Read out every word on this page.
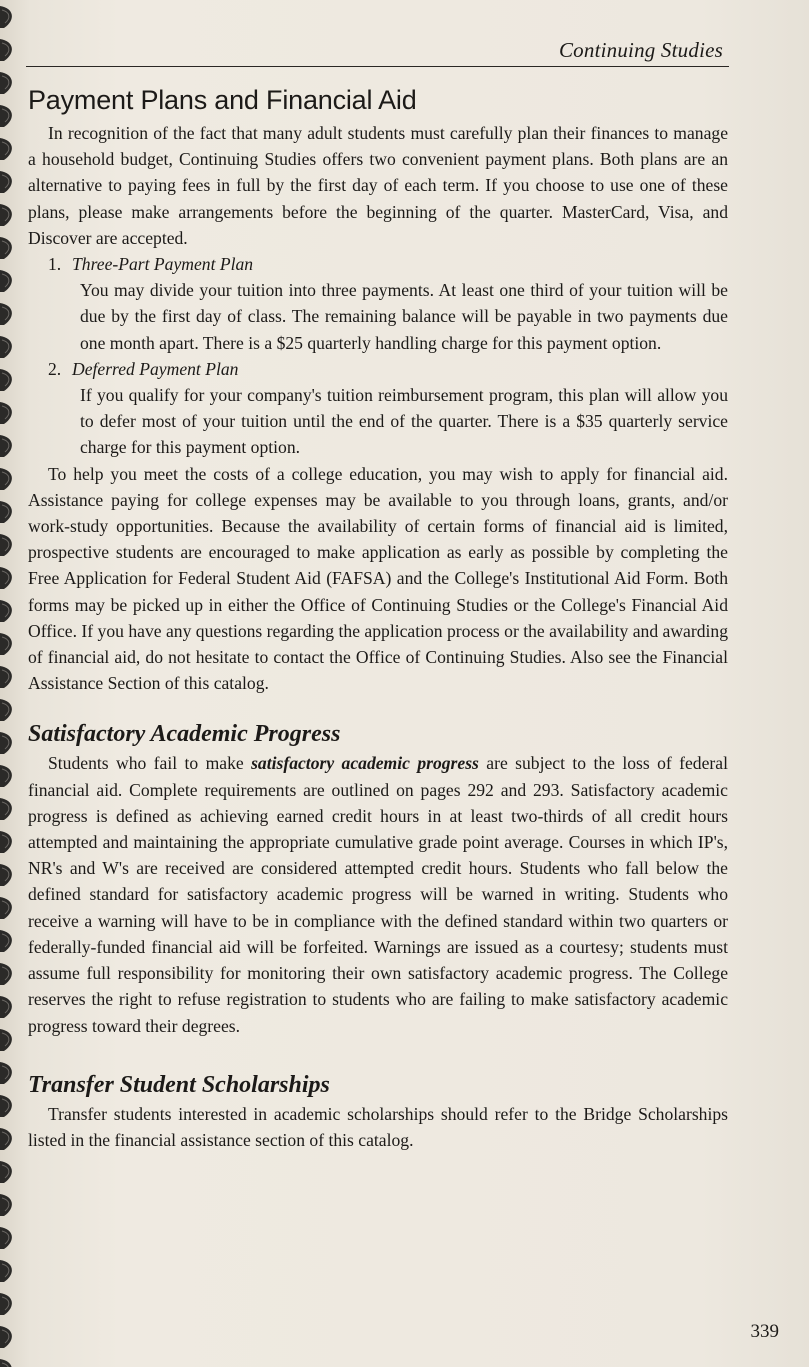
Continuing Studies
Payment Plans and Financial Aid

In recognition of the fact that many adult students must carefully plan their finances to manage a household budget, Continuing Studies offers two convenient payment plans. Both plans are an alternative to paying fees in full by the first day of each term. If you choose to use one of these plans, please make arrangements before the beginning of the quarter. MasterCard, Visa, and Discover are accepted.

1. Three-Part Payment Plan

You may divide your tuition into three payments. At least one third of your tuition will be due by the first day of class. The remaining balance will be payable in two payments due one month apart. There is a $25 quarterly handling charge for this payment option.

2. Deferred Payment Plan

If you qualify for your company's tuition reimbursement program, this plan will allow you to defer most of your tuition until the end of the quarter. There is a $35 quarterly service charge for this payment option.

To help you meet the costs of a college education, you may wish to apply for financial aid. Assistance paying for college expenses may be available to you through loans, grants, and/or work-study opportunities. Because the availability of certain forms of financial aid is limited, prospective students are encouraged to make application as early as possible by completing the Free Application for Federal Student Aid (FAFSA) and the College's Institutional Aid Form. Both forms may be picked up in either the Office of Continuing Studies or the College's Financial Aid Office. If you have any questions regarding the application process or the availability and awarding of financial aid, do not hesitate to contact the Office of Continuing Studies. Also see the Financial Assistance Section of this catalog.

Satisfactory Academic Progress

Students who fail to make satisfactory academic progress are subject to the loss of federal financial aid. Complete requirements are outlined on pages 292 and 293. Satisfactory academic progress is defined as achieving earned credit hours in at least two-thirds of all credit hours attempted and maintaining the appropriate cumulative grade point average. Courses in which IP's, NR's and W's are received are considered attempted credit hours. Students who fall below the defined standard for satisfactory academic progress will be warned in writing. Students who receive a warning will have to be in compliance with the defined standard within two quarters or federally-funded financial aid will be forfeited. Warnings are issued as a courtesy; students must assume full responsibility for monitoring their own satisfactory academic progress. The College reserves the right to refuse registration to students who are failing to make satisfactory academic progress toward their degrees.

Transfer Student Scholarships

Transfer students interested in academic scholarships should refer to the Bridge Scholarships listed in the financial assistance section of this catalog.

339
